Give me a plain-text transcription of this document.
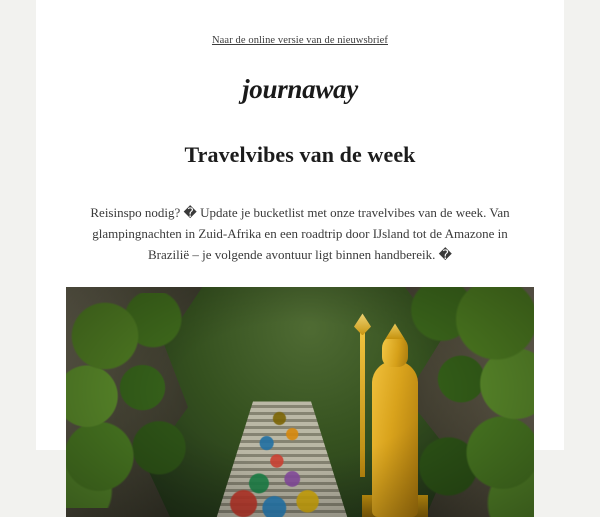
Naar de online versie van de nieuwsbrief
journaway
Travelvibes van de week

Reisinspo nodig? � Update je bucketlist met onze travelvibes van de week. Van glampingnachten in Zuid-Afrika en een roadtrip door IJsland tot de Amazone in Brazilië – je volgende avontuur ligt binnen handbereik. �
